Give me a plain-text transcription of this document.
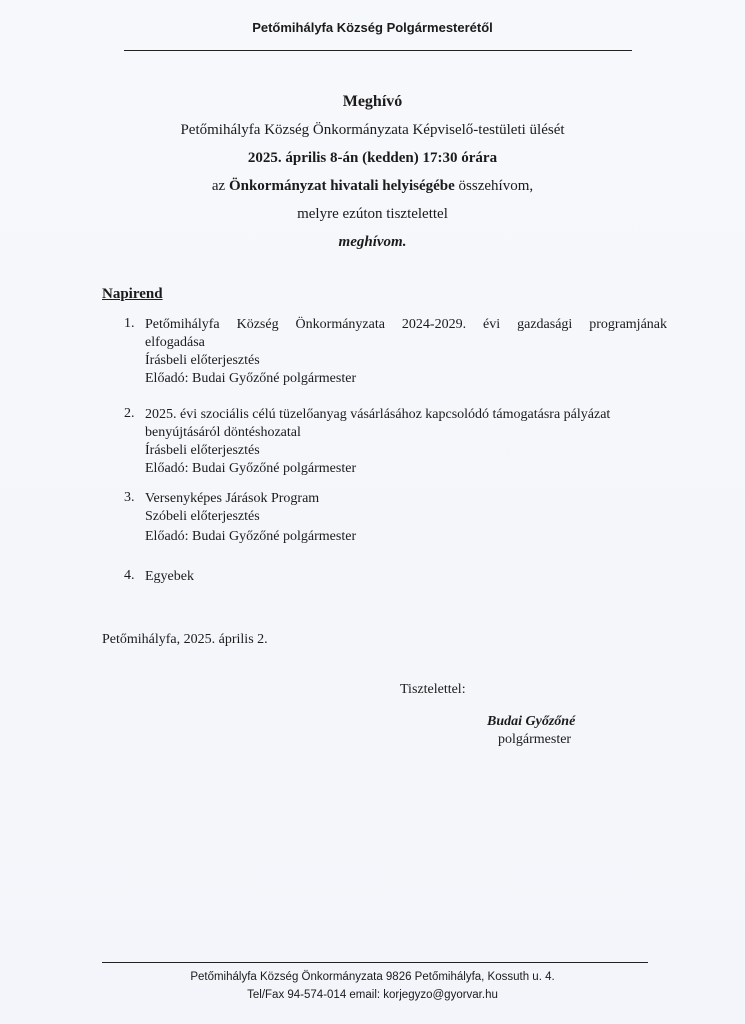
Petőmihályfa Község Polgármesterétől
Meghívó
Petőmihályfa Község Önkormányzata Képviselő-testületi ülését
2025. április 8-án (kedden) 17:30 órára
az Önkormányzat hivatali helyiségébe összehívom,
melyre ezúton tisztelettel
meghívom.
Napirend
1. Petőmihályfa Község Önkormányzata 2024-2029. évi gazdasági programjának
elfogadása
Írásbeli előterjesztés
Előadó: Budai Győzőné polgármester
2. 2025. évi szociális célú tüzelőanyag vásárlásához kapcsolódó támogatásra pályázat
benyújtásáról döntéshozatal
Írásbeli előterjesztés
Előadó: Budai Győzőné polgármester
3. Versenyképes Járások Program
Szóbeli előterjesztés
Előadó: Budai Győzőné polgármester
4. Egyebek
Petőmihályfa, 2025. április 2.
Tisztelettel:
Budai Győzőné
polgármester
Petőmihályfa Község Önkormányzata 9826 Petőmihályfa, Kossuth u. 4.
Tel/Fax 94-574-014 email: korjegyzo@gyorvar.hu
